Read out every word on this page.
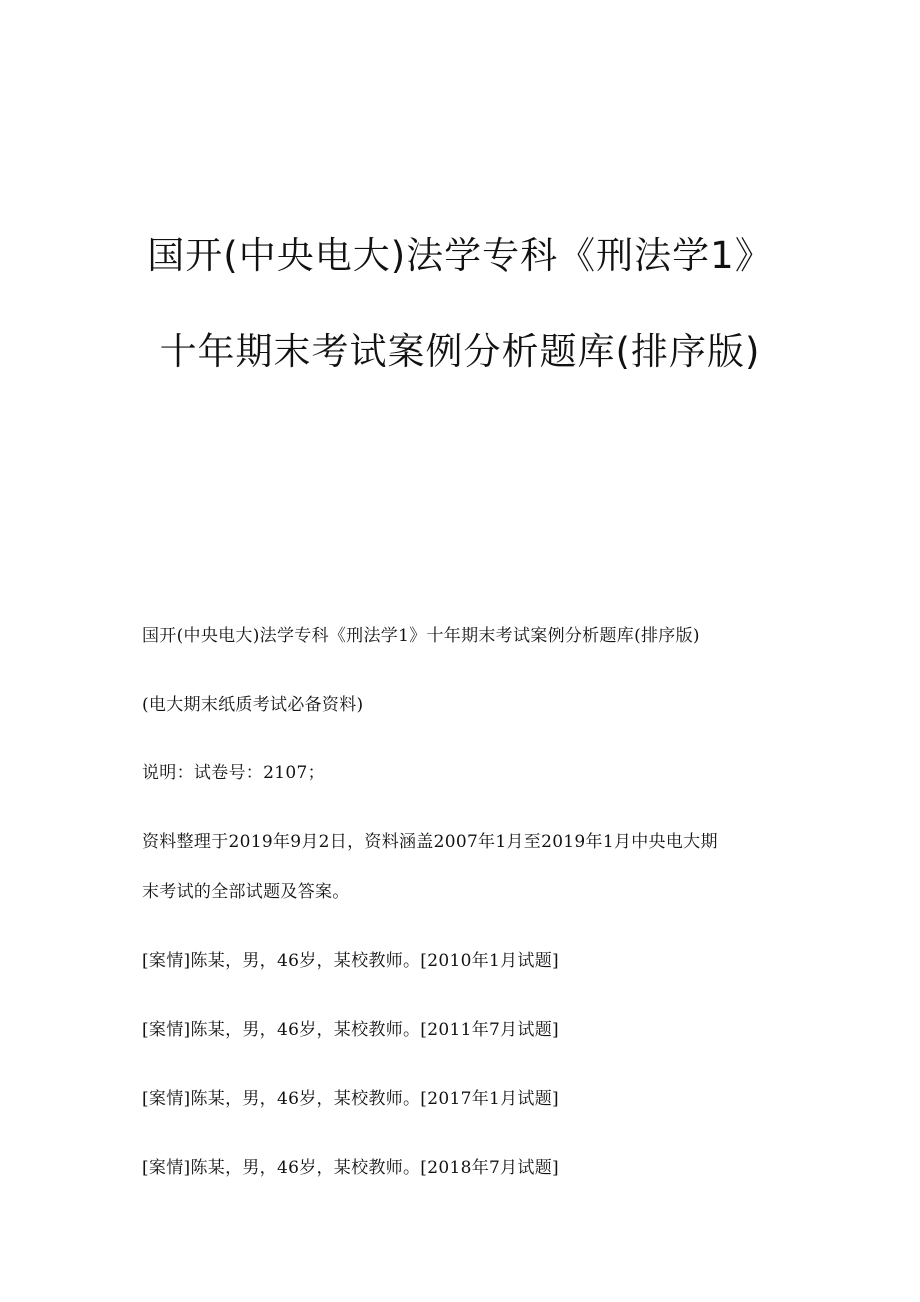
国开(中央电大)法学专科《刑法学1》
十年期末考试案例分析题库(排序版)
国开(中央电大)法学专科《刑法学1》十年期末考试案例分析题库(排序版)
(电大期末纸质考试必备资料)
说明：试卷号：2107；
资料整理于2019年9月2日，资料涵盖2007年1月至2019年1月中央电大期
末考试的全部试题及答案。
[案情]陈某，男，46岁，某校教师。[2010年1月试题]
[案情]陈某，男，46岁，某校教师。[2011年7月试题]
[案情]陈某，男，46岁，某校教师。[2017年1月试题]
[案情]陈某，男，46岁，某校教师。[2018年7月试题]
